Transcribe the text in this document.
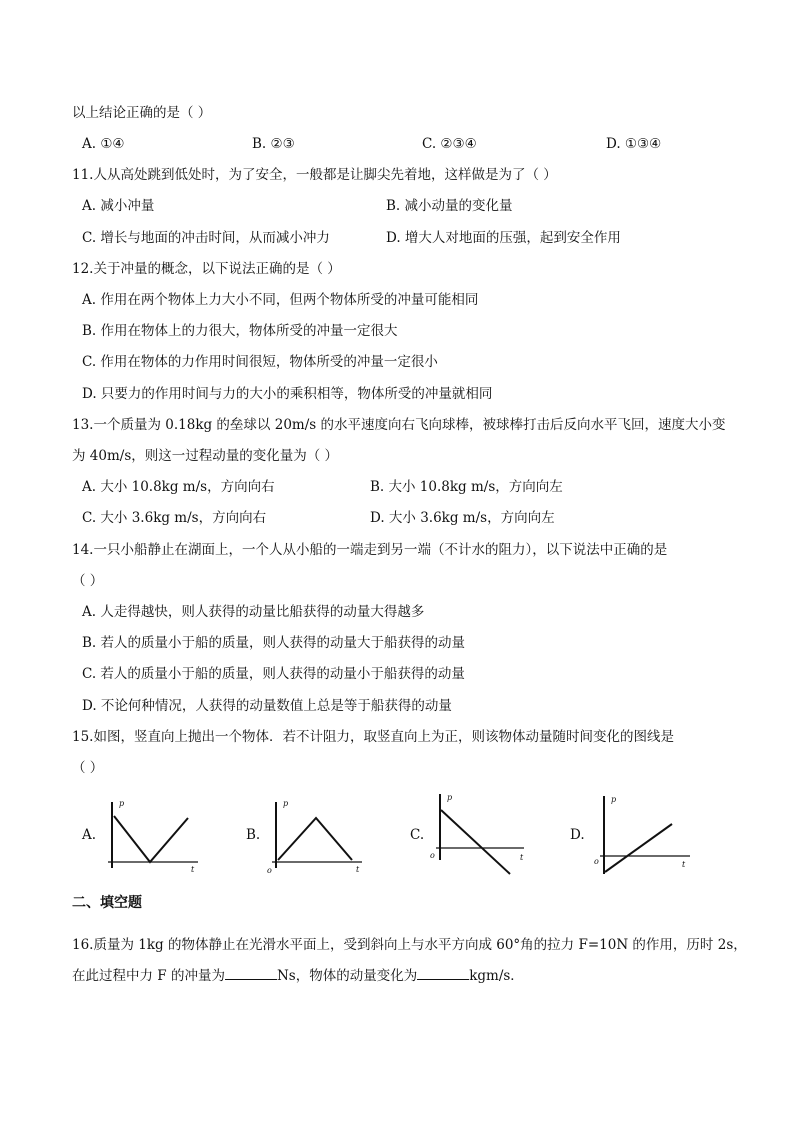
以上结论正确的是（ ）
A. ①④	B. ②③	C. ②③④	D. ①③④
11.人从高处跳到低处时，为了安全，一般都是让脚尖先着地，这样做是为了（ ）
A. 减小冲量	B. 减小动量的变化量
C. 增长与地面的冲击时间，从而减小冲力	D. 增大人对地面的压强，起到安全作用
12.关于冲量的概念，以下说法正确的是（ ）
A. 作用在两个物体上力大小不同，但两个物体所受的冲量可能相同
B. 作用在物体上的力很大，物体所受的冲量一定很大
C. 作用在物体的力作用时间很短，物体所受的冲量一定很小
D. 只要力的作用时间与力的大小的乘积相等，物体所受的冲量就相同
13.一个质量为 0.18kg 的垒球以 20m/s 的水平速度向右飞向球棒，被球棒打击后反向水平飞回，速度大小变
为 40m/s，则这一过程动量的变化量为（ ）
A. 大小 10.8kg m/s，方向向右	B. 大小 10.8kg m/s，方向向左
C. 大小 3.6kg m/s，方向向右	D. 大小 3.6kg m/s，方向向左
14.一只小船静止在湖面上，一个人从小船的一端走到另一端（不计水的阻力），以下说法中正确的是
（ ）
A. 人走得越快，则人获得的动量比船获得的动量大得越多
B. 若人的质量小于船的质量，则人获得的动量大于船获得的动量
C. 若人的质量小于船的质量，则人获得的动量小于船获得的动量
D. 不论何种情况，人获得的动量数值上总是等于船获得的动量
15.如图，竖直向上抛出一个物体．若不计阻力，取竖直向上为正，则该物体动量随时间变化的图线是
（ ）
A.
p
t
B.
p
t
o
C.
p
t
o
D.
p
t
o
二、填空题
16.质量为 1kg 的物体静止在光滑水平面上，受到斜向上与水平方向成 60°角的拉力 F=10N 的作用，历时 2s，
在此过程中力 F 的冲量为	Ns，物体的动量变化为	kgm/s．
